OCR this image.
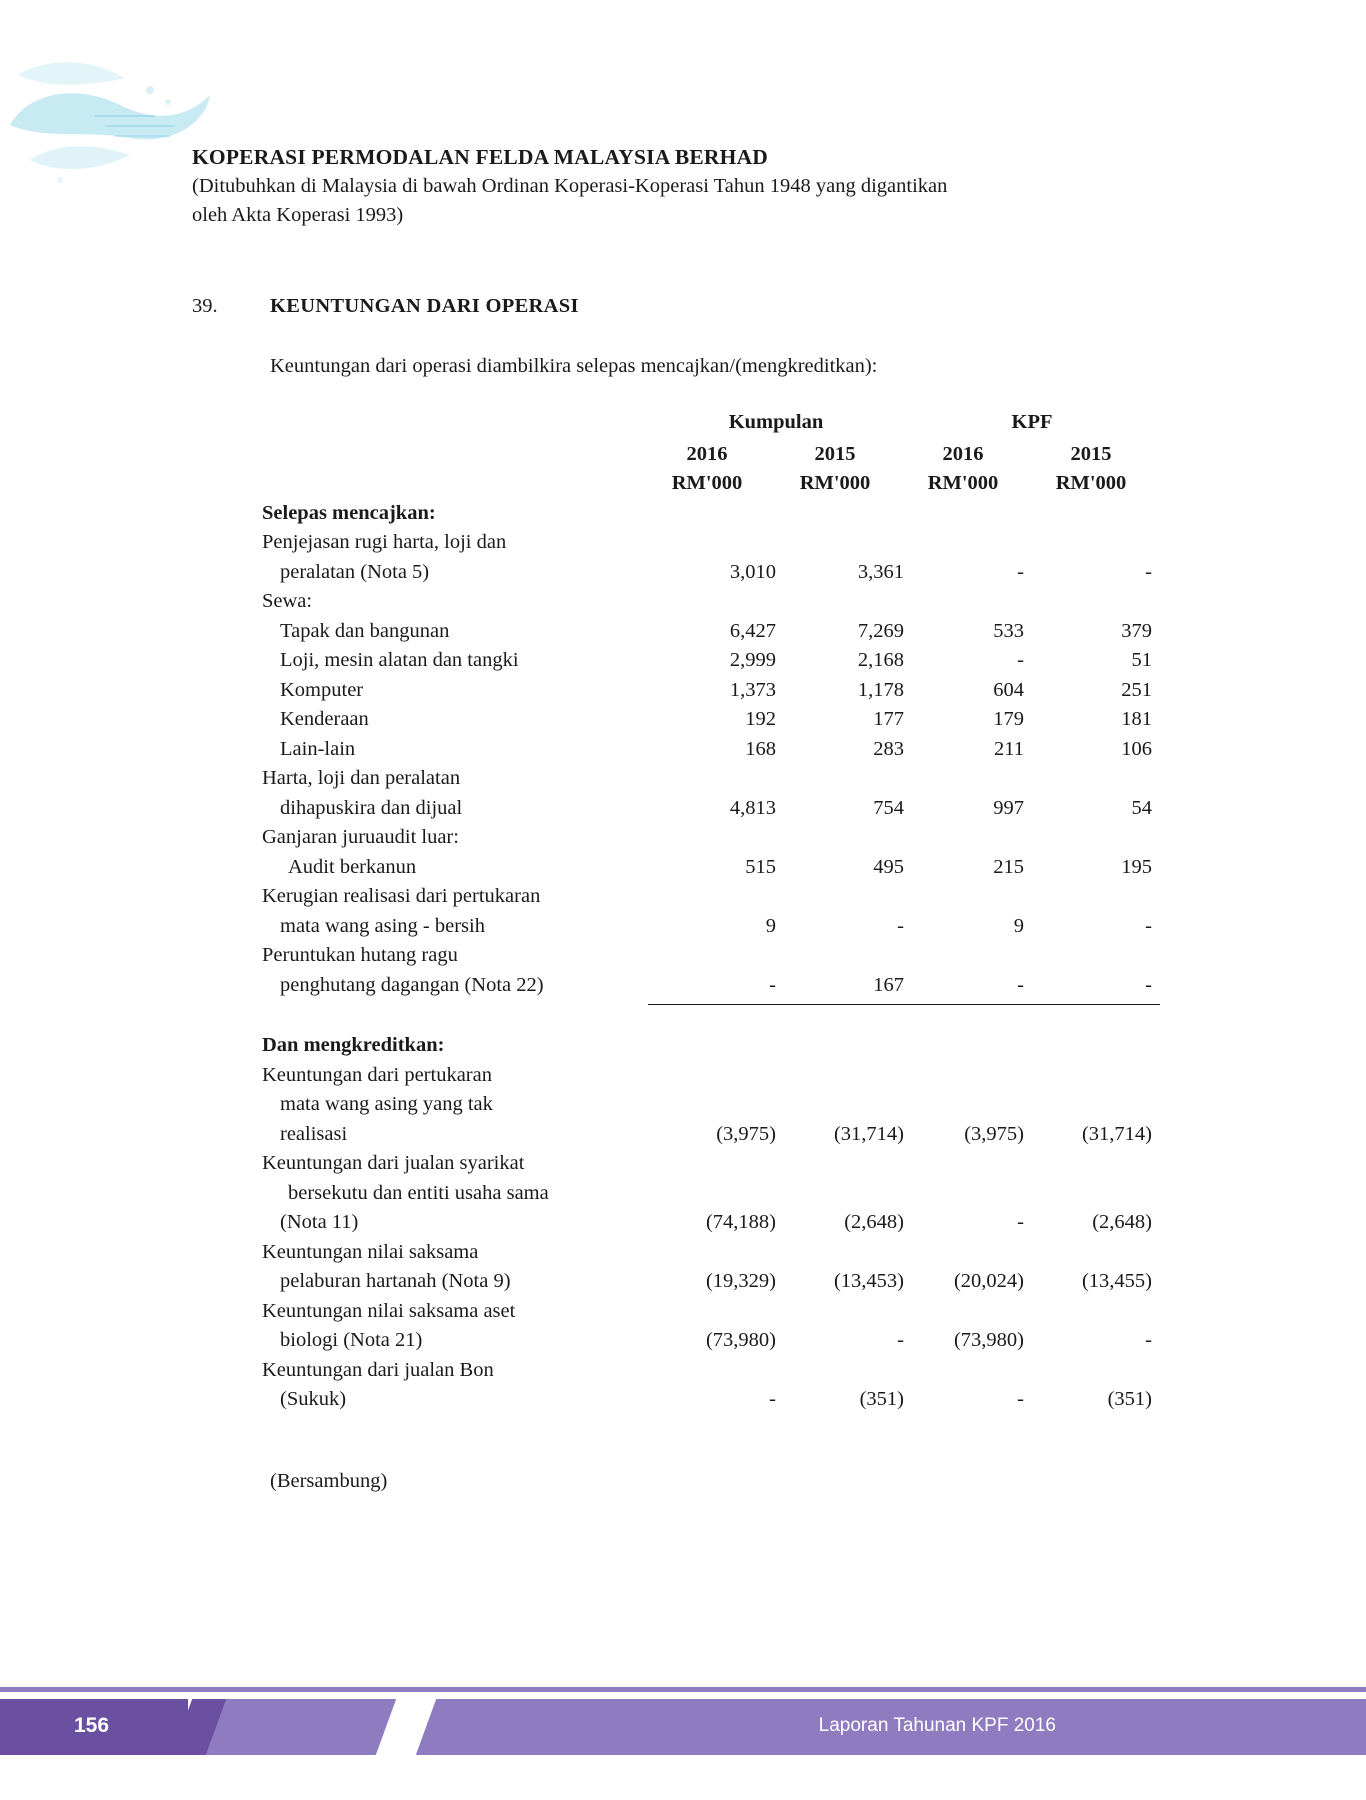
KOPERASI PERMODALAN FELDA MALAYSIA BERHAD
(Ditubuhkan di Malaysia di bawah Ordinan Koperasi-Koperasi Tahun 1948 yang digantikan
oleh Akta Koperasi 1993)
39.	KEUNTUNGAN DARI OPERASI
Keuntungan dari operasi diambilkira selepas mencajkan/(mengkreditkan):
	Kumpulan		KPF	
	2016	2015	2016	2015
	RM'000	RM'000	RM'000	RM'000
Selepas mencajkan:				
Penjejasan rugi harta, loji dan				
peralatan (Nota 5)	3,010	3,361	-	-
Sewa:				
Tapak dan bangunan	6,427	7,269	533	379
Loji, mesin alatan dan tangki	2,999	2,168	-	51
Komputer	1,373	1,178	604	251
Kenderaan	192	177	179	181
Lain-lain	168	283	211	106
Harta, loji dan peralatan				
dihapuskira dan dijual	4,813	754	997	54
Ganjaran juruaudit luar:				
Audit berkanun	515	495	215	195
Kerugian realisasi dari pertukaran				
mata wang asing - bersih	9	-	9	-
Peruntukan hutang ragu				
penghutang dagangan (Nota 22)	-	167	-	-

Dan mengkreditkan:				
Keuntungan dari pertukaran				
mata wang asing yang tak				
realisasi	(3,975)	(31,714)	(3,975)	(31,714)
Keuntungan dari jualan syarikat				
bersekutu dan entiti usaha sama				
(Nota 11)	(74,188)	(2,648)	-	(2,648)
Keuntungan nilai saksama				
pelaburan hartanah (Nota 9)	(19,329)	(13,453)	(20,024)	(13,455)
Keuntungan nilai saksama aset				
biologi (Nota 21)	(73,980)	-	(73,980)	-
Keuntungan dari jualan Bon				
(Sukuk)	-	(351)	-	(351)
(Bersambung)
Laporan Tahunan KPF 2016
156
